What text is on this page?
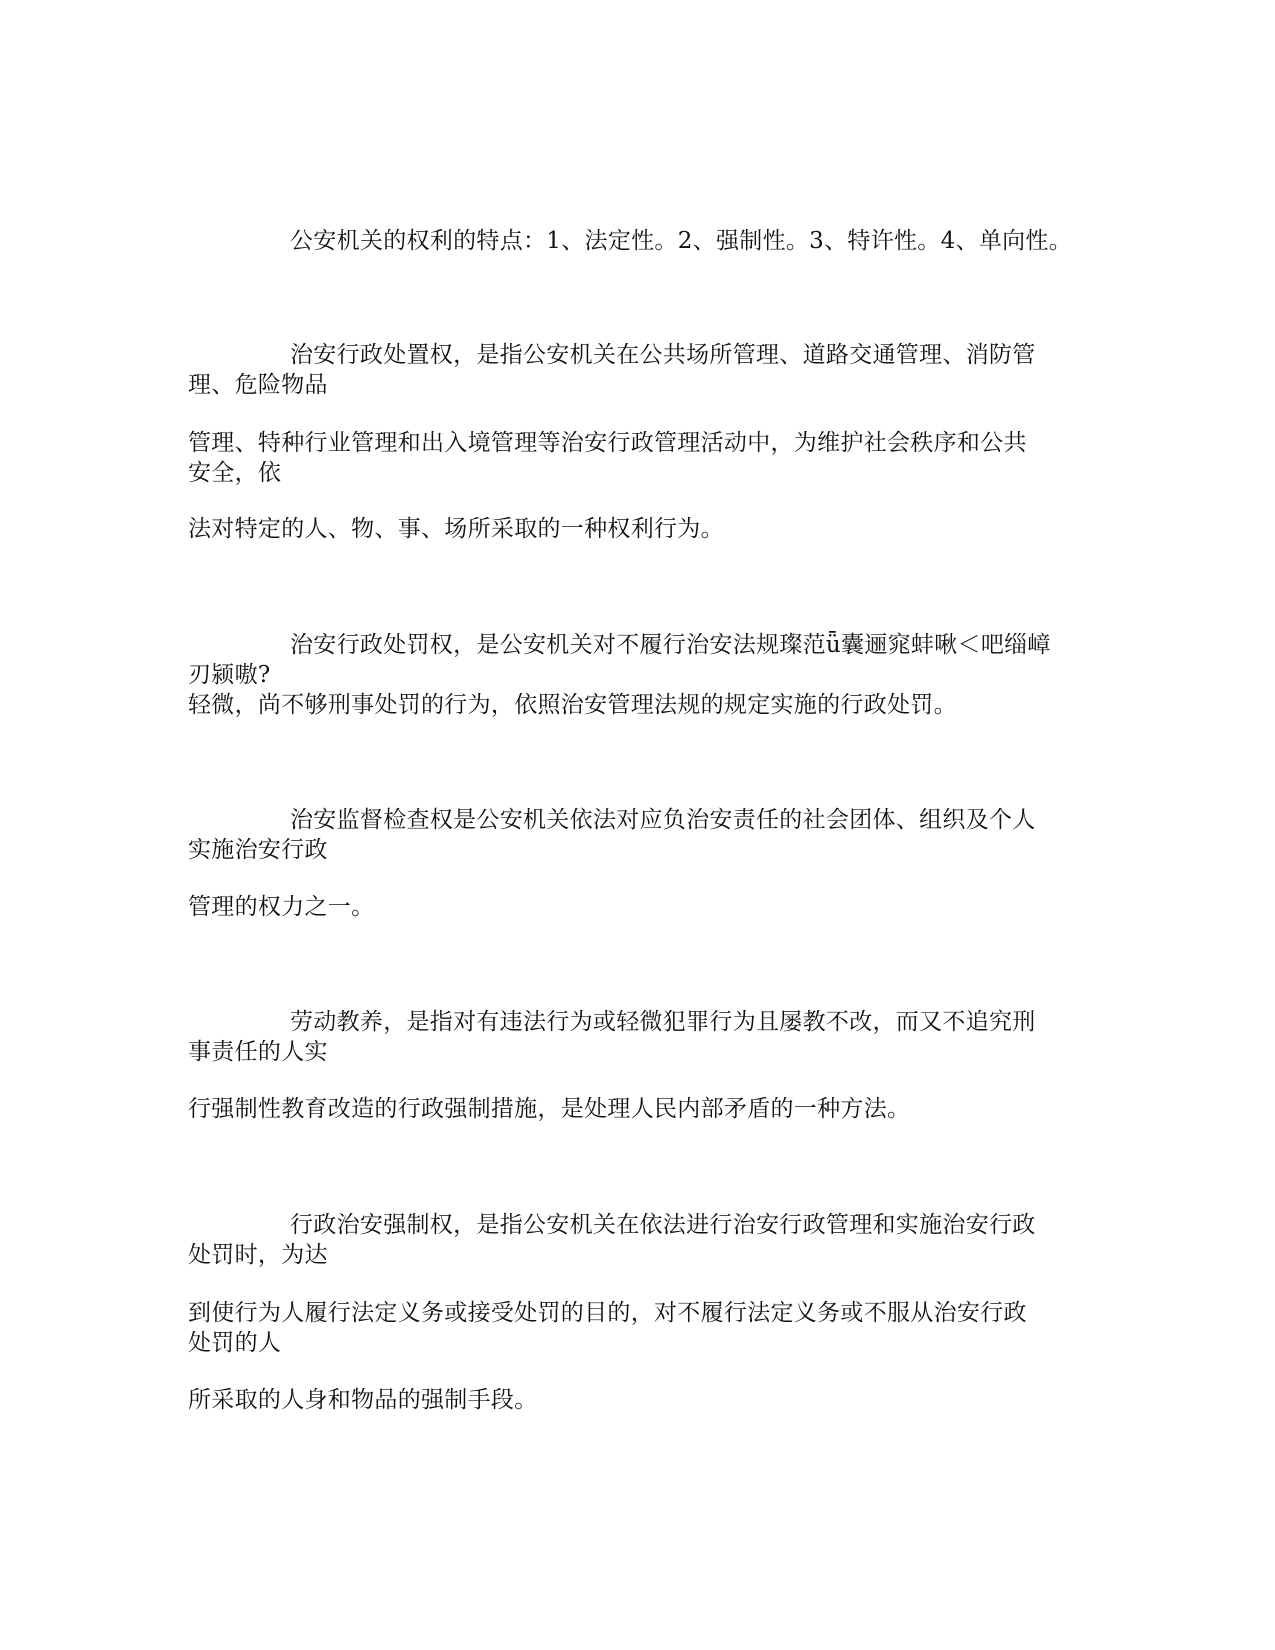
公安机关的权利的特点：1、法定性。2、强制性。3、特许性。4、单向性。
治安行政处置权，是指公安机关在公共场所管理、道路交通管理、消防管
理、危险物品
管理、特种行业管理和出入境管理等治安行政管理活动中，为维护社会秩序和公共
安全，依
法对特定的人、物、事、场所采取的一种权利行为。
治安行政处罚权，是公安机关对不履行治安法规璨范ǖ囊逦窕蚌啾＜吧缁嶂
刃颍嗷?
轻微，尚不够刑事处罚的行为，依照治安管理法规的规定实施的行政处罚。
治安监督检查权是公安机关依法对应负治安责任的社会团体、组织及个人
实施治安行政
管理的权力之一。
劳动教养，是指对有违法行为或轻微犯罪行为且屡教不改，而又不追究刑
事责任的人实
行强制性教育改造的行政强制措施，是处理人民内部矛盾的一种方法。
行政治安强制权，是指公安机关在依法进行治安行政管理和实施治安行政
处罚时，为达
到使行为人履行法定义务或接受处罚的目的，对不履行法定义务或不服从治安行政
处罚的人
所采取的人身和物品的强制手段。
